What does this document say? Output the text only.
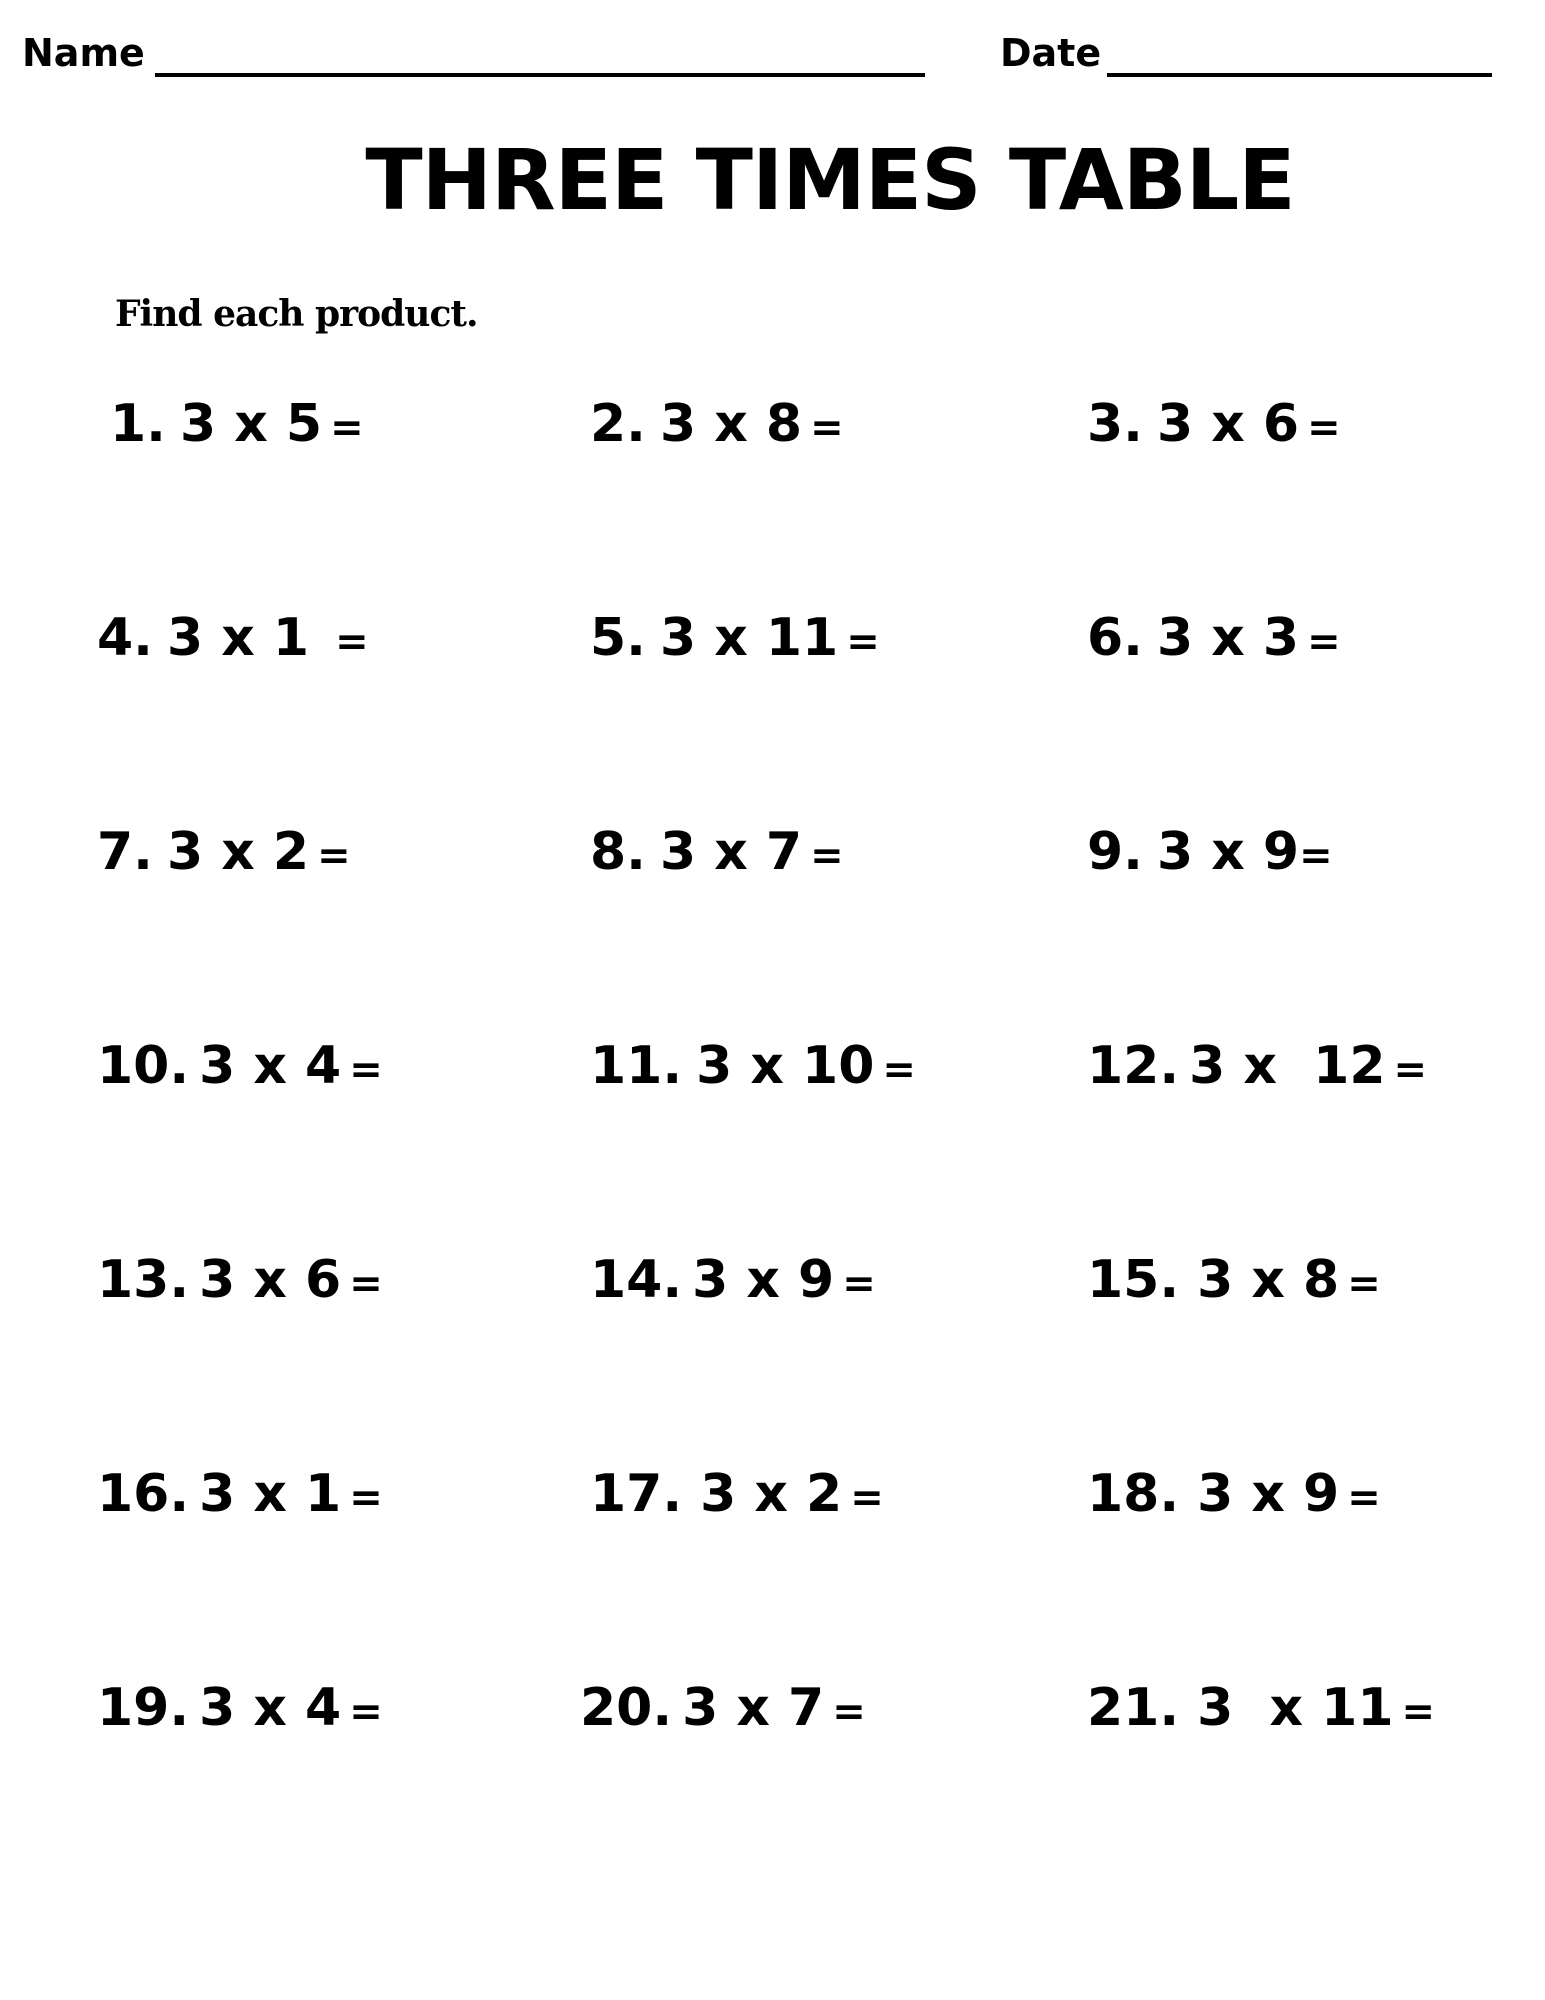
Name	Date
THREE TIMES TABLE
Find each product.
1. 3 x 5 =	2. 3 x 8 =	3. 3 x 6 =
4. 3 x 1 =	5. 3 x 11 =	6. 3 x 3 =
7. 3 x 2 =	8. 3 x 7 =	9. 3 x 9=
10. 3 x 4 =	11. 3 x 10 =	12. 3 x  12 =
13. 3 x 6 =	14. 3 x 9 =	15. 3 x 8 =
16. 3 x 1 =	17. 3 x 2 =	18. 3 x 9 =
19. 3 x 4 =	20. 3 x 7 =	21. 3  x 11 =
